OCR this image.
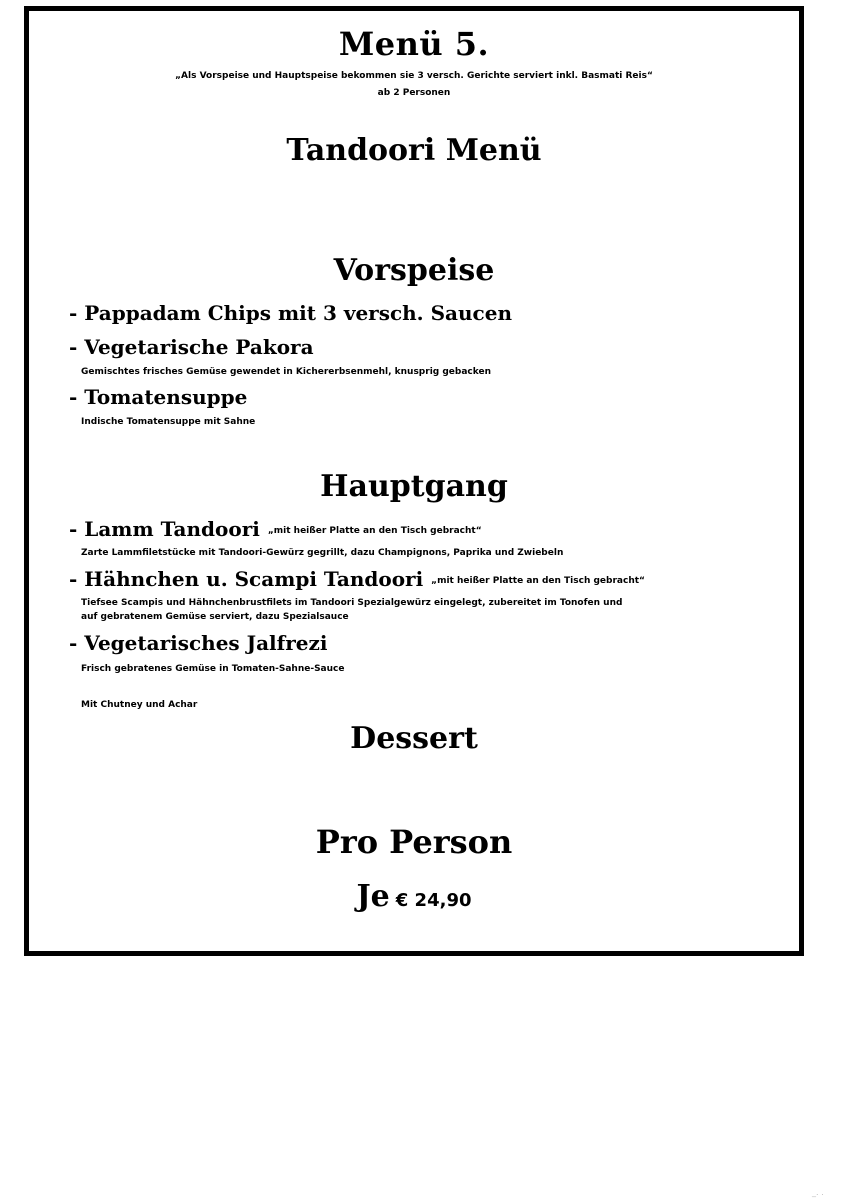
Menü 5.
„Als Vorspeise und Hauptspeise bekommen sie 3 versch. Gerichte serviert inkl. Basmati Reis“
ab 2 Personen
Tandoori Menü
Vorspeise
- Pappadam Chips mit 3 versch. Saucen
- Vegetarische Pakora
Gemischtes frisches Gemüse gewendet in Kichererbsenmehl, knusprig gebacken
- Tomatensuppe
Indische Tomatensuppe mit Sahne
Hauptgang
- Lamm Tandoori $^{„mit heißer Platte an den Tisch gebracht“}$
Zarte Lammfiletstücke mit Tandoori-Gewürz gegrillt, dazu Champignons, Paprika und Zwiebeln
- Hähnchen u. Scampi Tandoori $^{„mit heißer Platte an den Tisch gebracht“}$
Tiefsee Scampis und Hähnchenbrustfilets im Tandoori Spezialgewürz eingelegt, zubereitet im Tonofen und
auf gebratenem Gemüse serviert, dazu Spezialsauce
- Vegetarisches Jalfrezi
Frisch gebratenes Gemüse in Tomaten-Sahne-Sauce
Mit Chutney und Achar
Dessert
Pro Person
Je € 24,90
_. .
